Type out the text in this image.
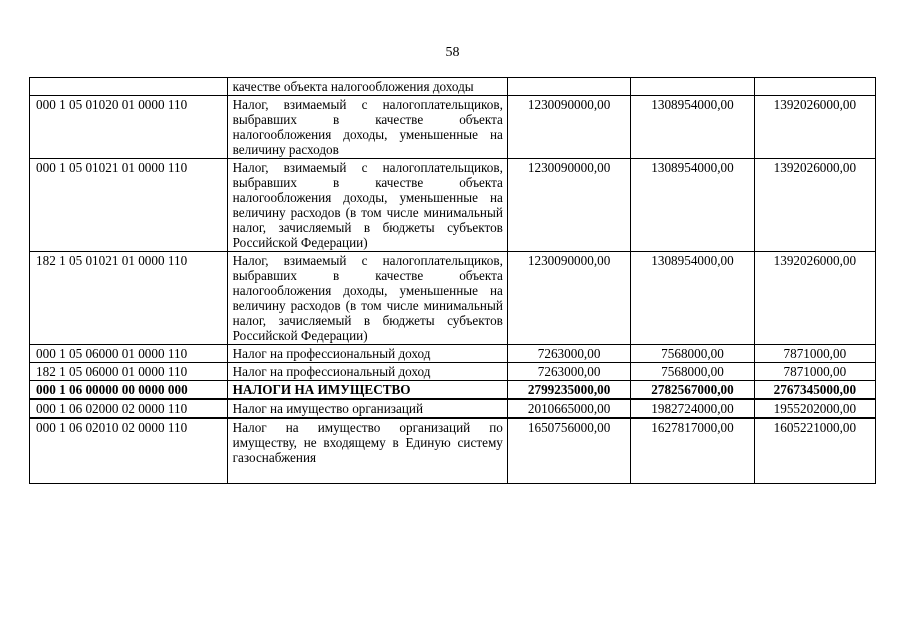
58
	качестве объекта налогообложения доходы			
000 1 05 01020 01 0000 110	Налог, взимаемый с налогоплательщиков, выбравших в качестве объекта налогообложения доходы, уменьшенные на величину расходов	1230090000,00	1308954000,00	1392026000,00
000 1 05 01021 01 0000 110	Налог, взимаемый с налогоплательщиков, выбравших в качестве объекта налогообложения доходы, уменьшенные на величину расходов (в том числе минимальный налог, зачисляемый в бюджеты субъектов Российской Федерации)	1230090000,00	1308954000,00	1392026000,00
182 1 05 01021 01 0000 110	Налог, взимаемый с налогоплательщиков, выбравших в качестве объекта налогообложения доходы, уменьшенные на величину расходов (в том числе минимальный налог, зачисляемый в бюджеты субъектов Российской Федерации)	1230090000,00	1308954000,00	1392026000,00
000 1 05 06000 01 0000 110	Налог на профессиональный доход	7263000,00	7568000,00	7871000,00
182 1 05 06000 01 0000 110	Налог на профессиональный доход	7263000,00	7568000,00	7871000,00
000 1 06 00000 00 0000 000	НАЛОГИ НА ИМУЩЕСТВО	2799235000,00	2782567000,00	2767345000,00
000 1 06 02000 02 0000 110	Налог на имущество организаций	2010665000,00	1982724000,00	1955202000,00
000 1 06 02010 02 0000 110	Налог на имущество организаций по имуществу, не входящему в Единую систему газоснабжения	1650756000,00	1627817000,00	1605221000,00
